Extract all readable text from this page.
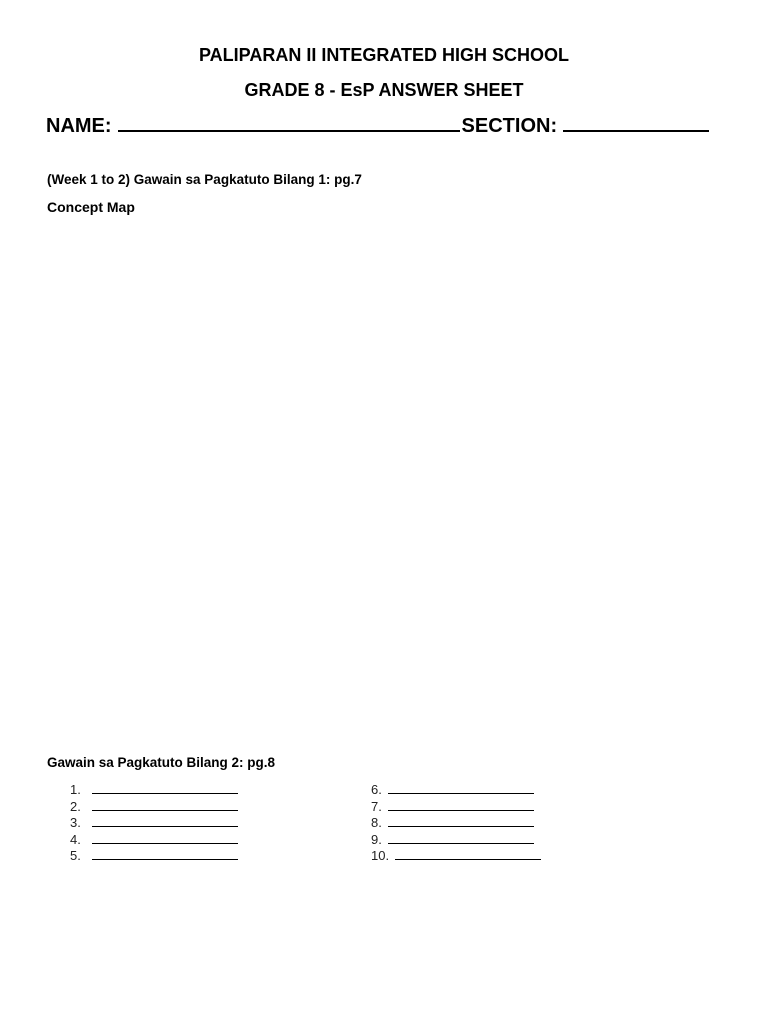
PALIPARAN II INTEGRATED HIGH SCHOOL
GRADE 8 - EsP ANSWER SHEET
NAME:	SECTION:
(Week 1 to 2) Gawain sa Pagkatuto Bilang 1: pg.7
Concept Map
Gawain sa Pagkatuto Bilang 2: pg.8
1.
2.
3.
4.
5.
6.
7.
8.
9.
10.
